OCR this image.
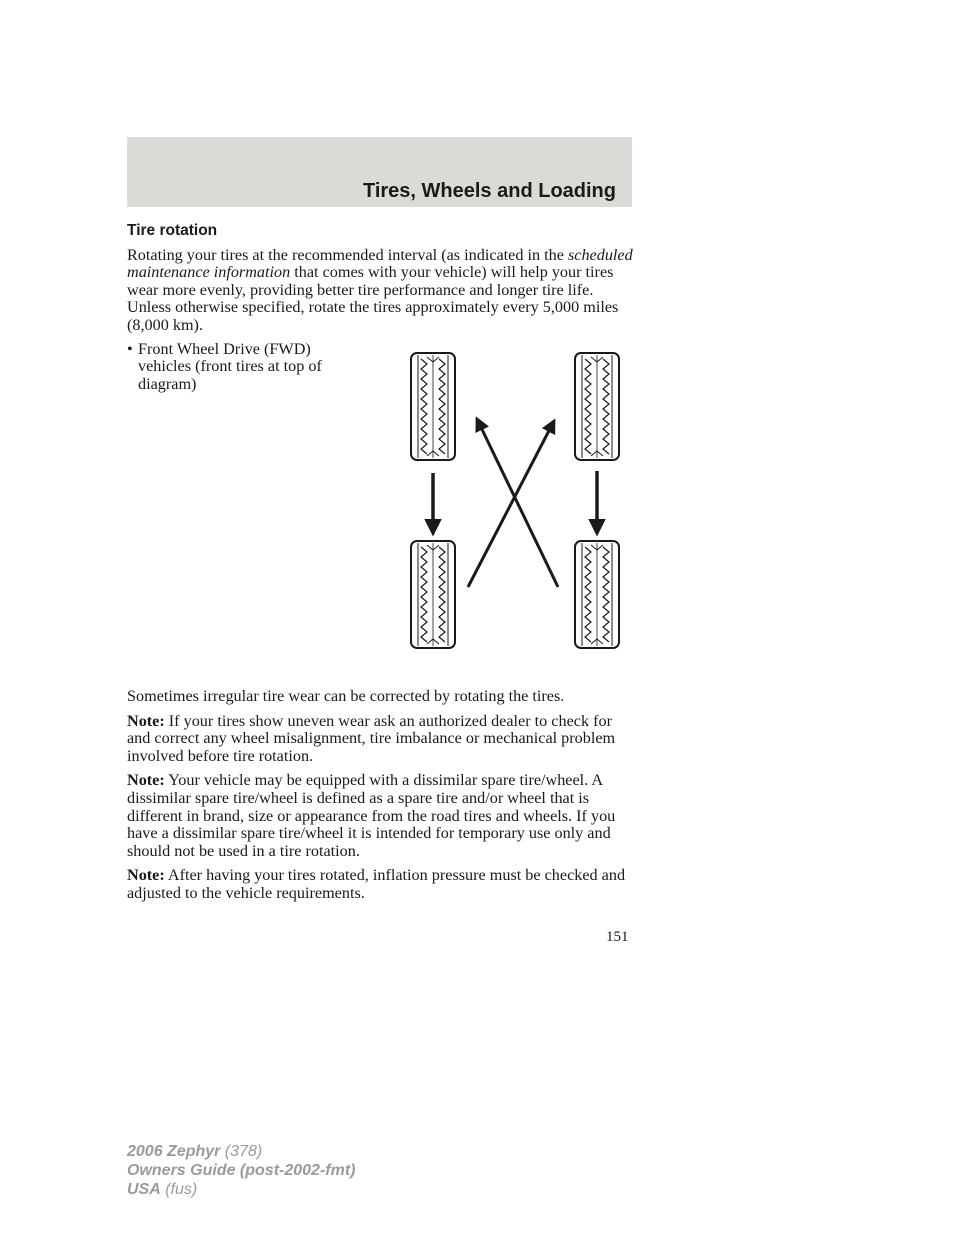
Tires, Wheels and Loading
Tire rotation

Rotating your tires at the recommended interval (as indicated in the scheduled maintenance information that comes with your vehicle) will help your tires wear more evenly, providing better tire performance and longer tire life. Unless otherwise specified, rotate the tires approximately every 5,000 miles (8,000 km).

• Front Wheel Drive (FWD) vehicles (front tires at top of diagram)

Sometimes irregular tire wear can be corrected by rotating the tires.

Note: If your tires show uneven wear ask an authorized dealer to check for and correct any wheel misalignment, tire imbalance or mechanical problem involved before tire rotation.

Note: Your vehicle may be equipped with a dissimilar spare tire/wheel. A dissimilar spare tire/wheel is defined as a spare tire and/or wheel that is different in brand, size or appearance from the road tires and wheels. If you have a dissimilar spare tire/wheel it is intended for temporary use only and should not be used in a tire rotation.

Note: After having your tires rotated, inflation pressure must be checked and adjusted to the vehicle requirements.

151
2006 Zephyr (378)
Owners Guide (post-2002-fmt)
USA (fus)
